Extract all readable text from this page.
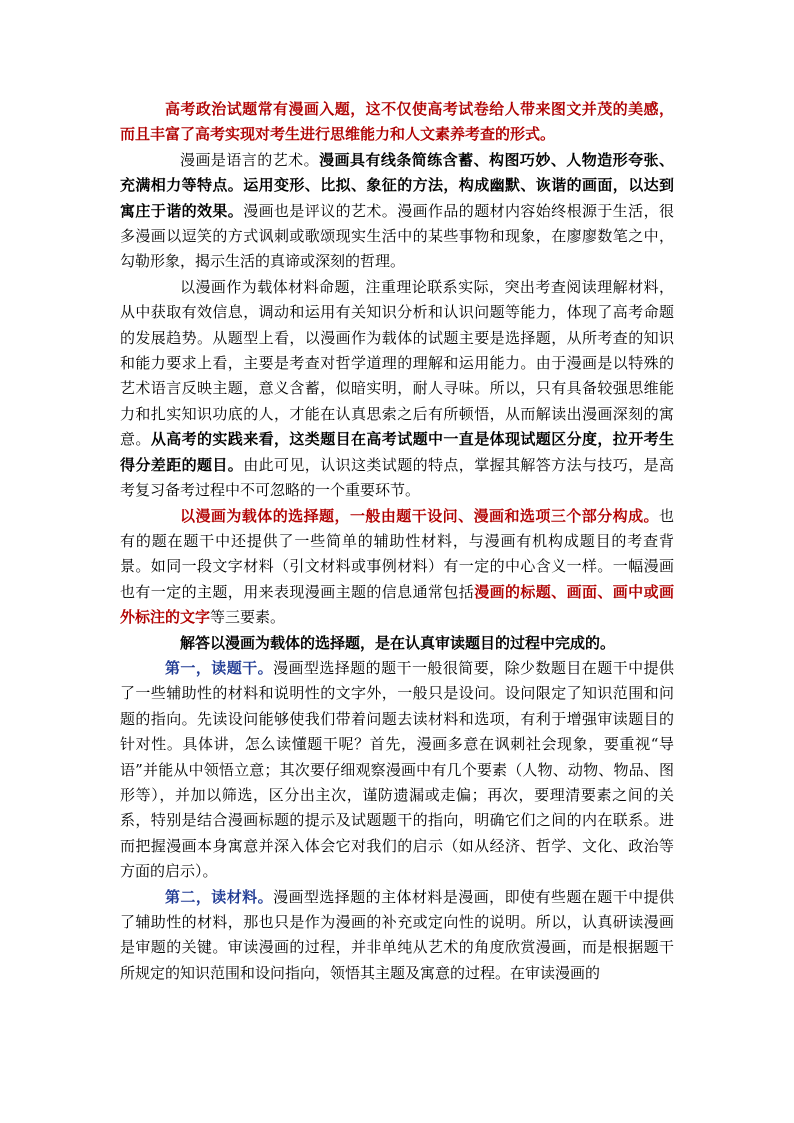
高考政治试题常有漫画入题，这不仅使高考试卷给人带来图文并茂的美感，而且丰富了高考实现对考生进行思维能力和人文素养考查的形式。

漫画是语言的艺术。漫画具有线条简练含蓄、构图巧妙、人物造形夸张、充满相力等特点。运用变形、比拟、象征的方法，构成幽默、诙谐的画面，以达到寓庄于谐的效果。漫画也是评议的艺术。漫画作品的题材内容始终根源于生活，很多漫画以逗笑的方式讽刺或歌颂现实生活中的某些事物和现象，在廖廖数笔之中，勾勒形象，揭示生活的真谛或深刻的哲理。

以漫画作为载体材料命题，注重理论联系实际，突出考查阅读理解材料，从中获取有效信息，调动和运用有关知识分析和认识问题等能力，体现了高考命题的发展趋势。从题型上看，以漫画作为载体的试题主要是选择题，从所考查的知识和能力要求上看，主要是考查对哲学道理的理解和运用能力。由于漫画是以特殊的艺术语言反映主题，意义含蓄，似暗实明，耐人寻味。所以，只有具备较强思维能力和扎实知识功底的人，才能在认真思索之后有所顿悟，从而解读出漫画深刻的寓意。从高考的实践来看，这类题目在高考试题中一直是体现试题区分度，拉开考生得分差距的题目。由此可见，认识这类试题的特点，掌握其解答方法与技巧，是高考复习备考过程中不可忽略的一个重要环节。

以漫画为载体的选择题，一般由题干设问、漫画和选项三个部分构成。也有的题在题干中还提供了一些简单的辅助性材料，与漫画有机构成题目的考查背景。如同一段文字材料（引文材料或事例材料）有一定的中心含义一样。一幅漫画也有一定的主题，用来表现漫画主题的信息通常包括漫画的标题、画面、画中或画外标注的文字等三要素。

解答以漫画为载体的选择题，是在认真审读题目的过程中完成的。

第一，读题干。漫画型选择题的题干一般很简要，除少数题目在题干中提供了一些辅助性的材料和说明性的文字外，一般只是设问。设问限定了知识范围和问题的指向。先读设问能够使我们带着问题去读材料和选项，有利于增强审读题目的针对性。具体讲，怎么读懂题干呢？首先，漫画多意在讽刺社会现象，要重视“导语”并能从中领悟立意；其次要仔细观察漫画中有几个要素（人物、动物、物品、图形等），并加以筛选，区分出主次，谨防遗漏或走偏；再次，要理清要素之间的关系，特别是结合漫画标题的提示及试题题干的指向，明确它们之间的内在联系。进而把握漫画本身寓意并深入体会它对我们的启示（如从经济、哲学、文化、政治等方面的启示）。

第二，读材料。漫画型选择题的主体材料是漫画，即使有些题在题干中提供了辅助性的材料，那也只是作为漫画的补充或定向性的说明。所以，认真研读漫画是审题的关键。审读漫画的过程，并非单纯从艺术的角度欣赏漫画，而是根据题干所规定的知识范围和设问指向，领悟其主题及寓意的过程。在审读漫画的
